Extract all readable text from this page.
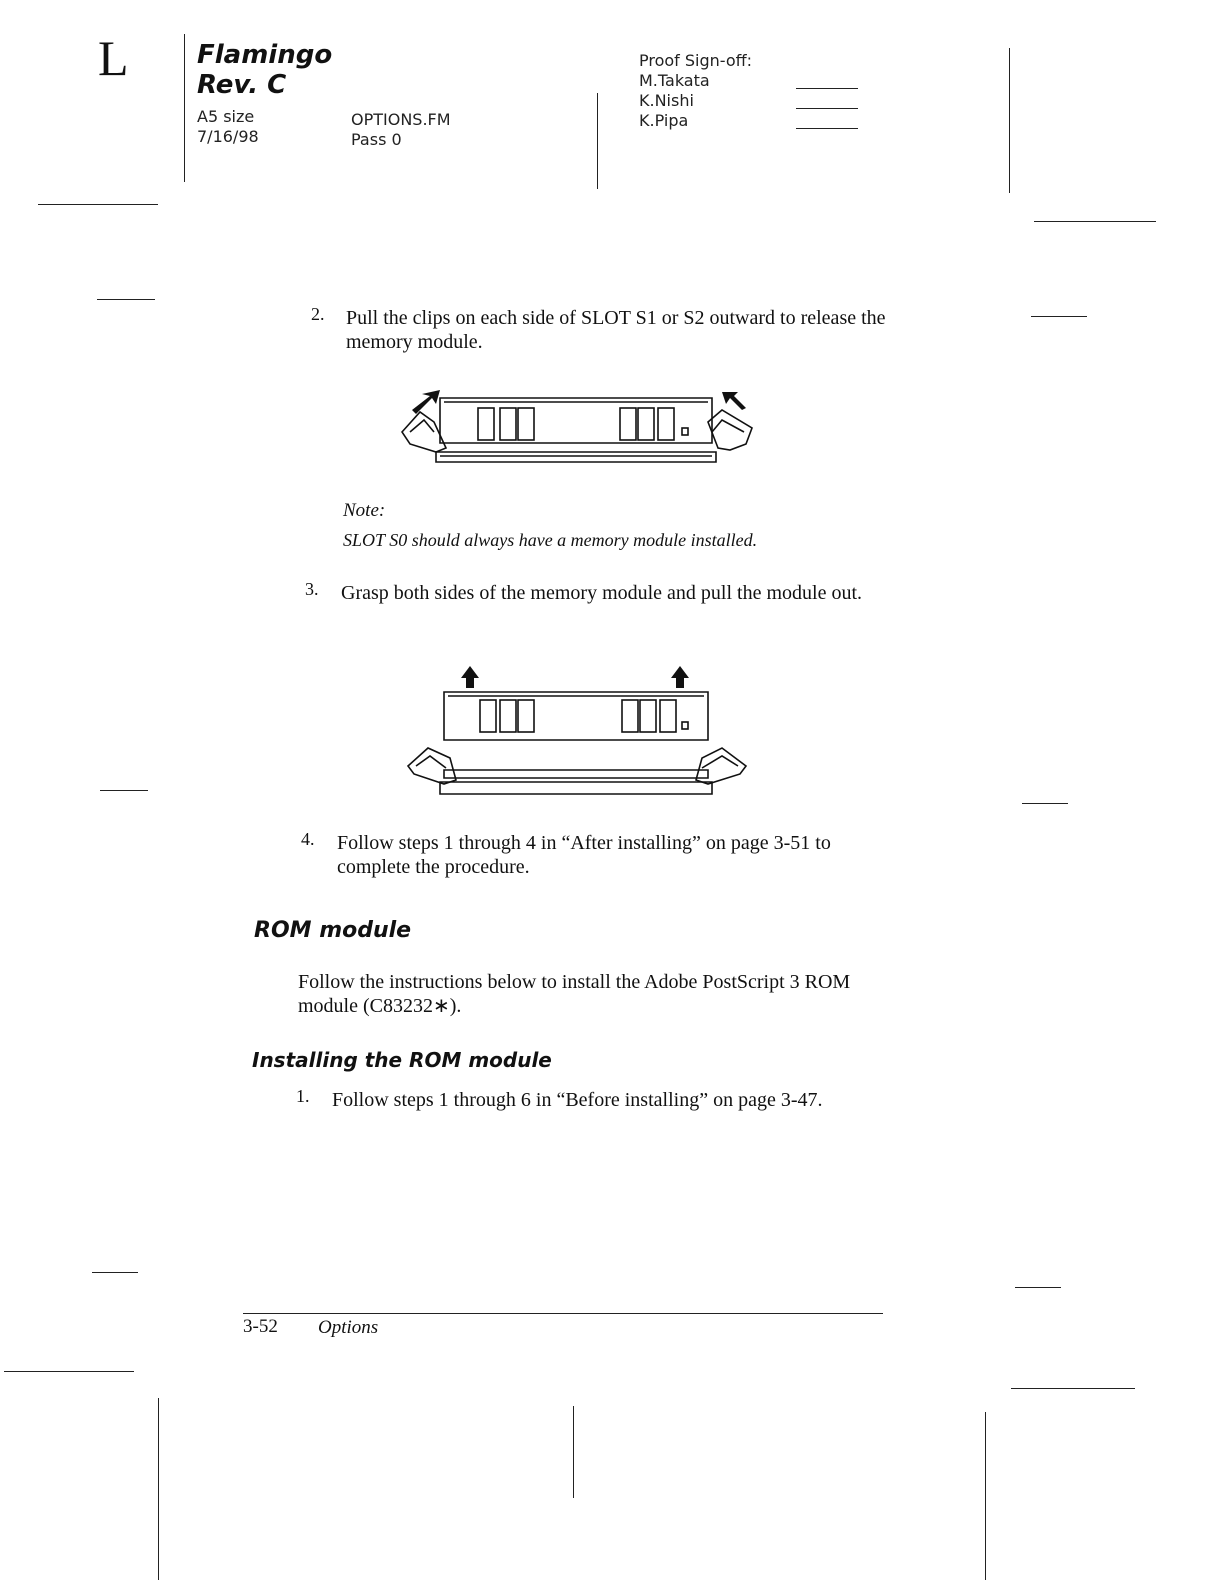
L	Flamingo
Rev. C
A5 size
7/16/98
OPTIONS.FM
Pass 0
Proof Sign-off:
M.Takata
K.Nishi
K.Pipa
2. Pull the clips on each side of SLOT S1 or S2 outward to release the memory module.
Note:
SLOT S0 should always have a memory module installed.
3. Grasp both sides of the memory module and pull the module out.
4. Follow steps 1 through 4 in “After installing” on page 3-51 to complete the procedure.
ROM module
Follow the instructions below to install the Adobe PostScript 3 ROM module (C83232∗).
Installing the ROM module
1. Follow steps 1 through 6 in “Before installing” on page 3-47.
3-52 Options
